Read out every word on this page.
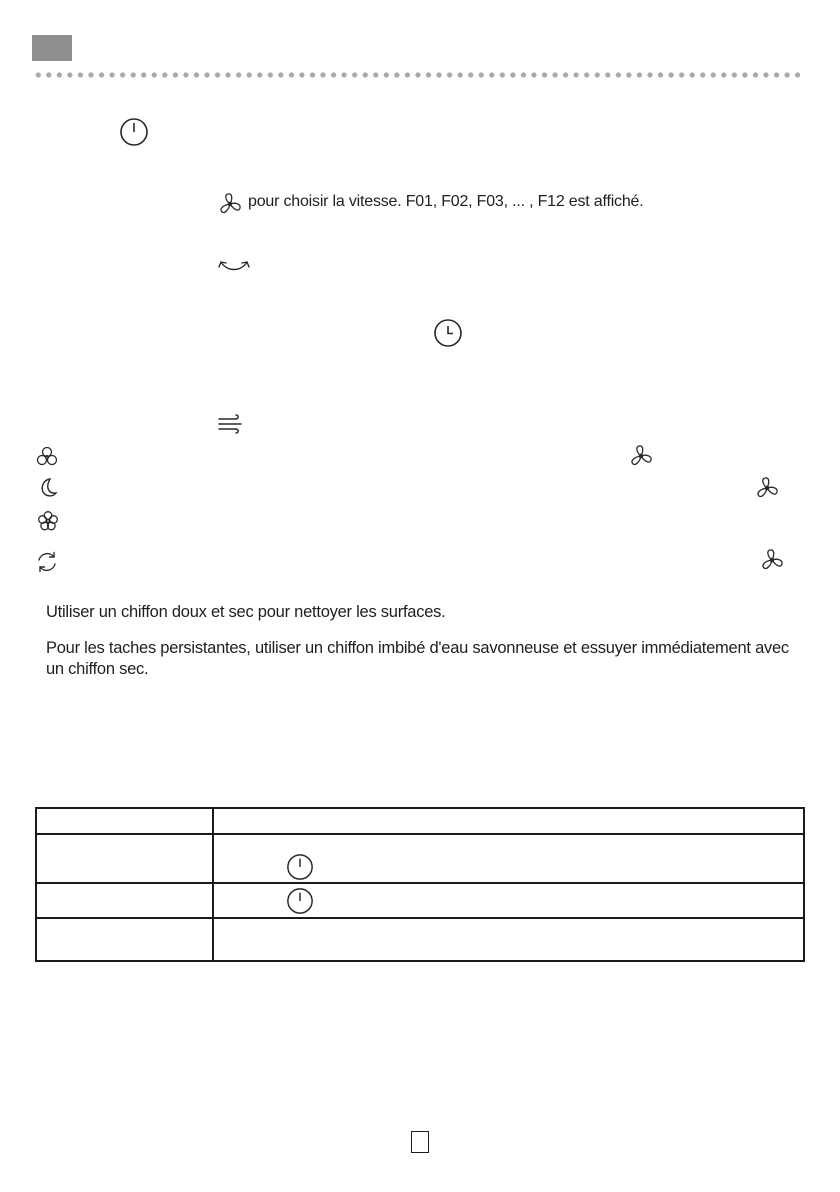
pour choisir la vitesse. F01, F02, F03, ... , F12 est affiché.
Utiliser un chiffon doux et sec pour nettoyer les surfaces.
Pour les taches persistantes, utiliser un chiffon imbibé d'eau savonneuse et essuyer immédiatement avec un chiffon sec.
